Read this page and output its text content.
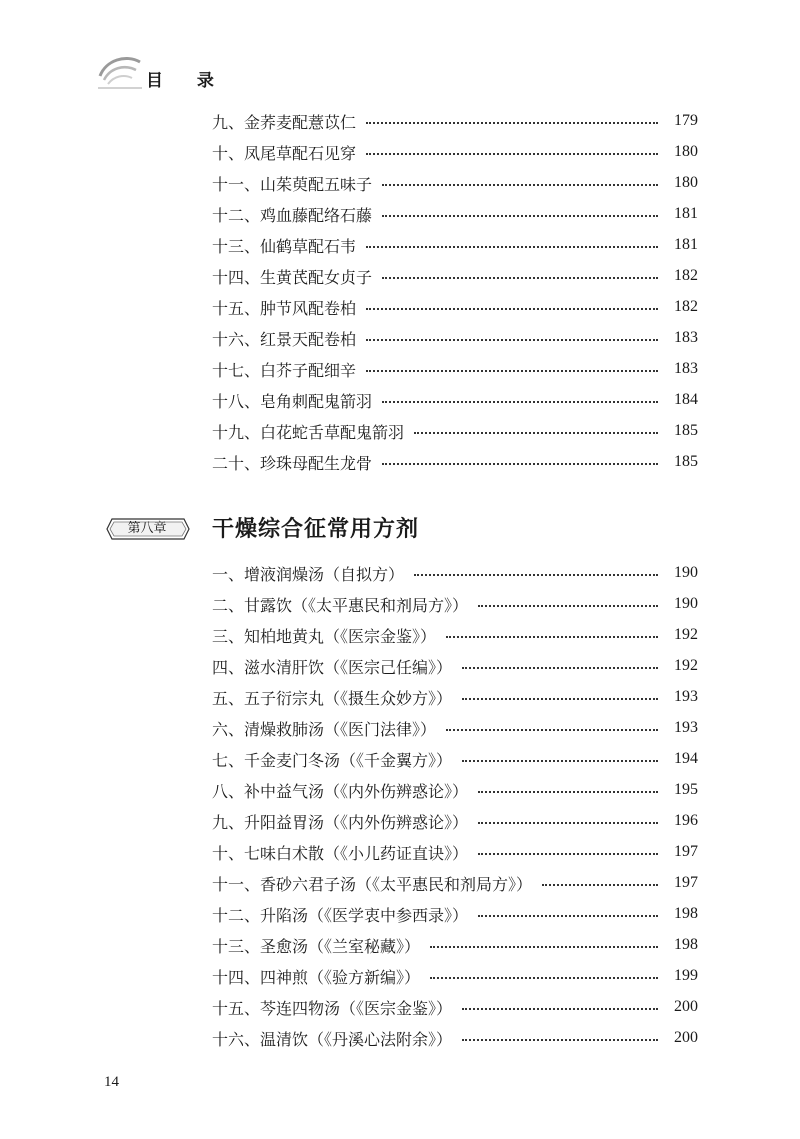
目 录
九、金荞麦配薏苡仁	179
十、凤尾草配石见穿	180
十一、山茱萸配五味子	180
十二、鸡血藤配络石藤	181
十三、仙鹤草配石韦	181
十四、生黄芪配女贞子	182
十五、肿节风配卷柏	182
十六、红景天配卷柏	183
十七、白芥子配细辛	183
十八、皂角刺配鬼箭羽	184
十九、白花蛇舌草配鬼箭羽	185
二十、珍珠母配生龙骨	185
第八章	干燥综合征常用方剂
一、增液润燥汤（自拟方）	190
二、甘露饮（《太平惠民和剂局方》）	190
三、知柏地黄丸（《医宗金鉴》）	192
四、滋水清肝饮（《医宗己任编》）	192
五、五子衍宗丸（《摄生众妙方》）	193
六、清燥救肺汤（《医门法律》）	193
七、千金麦门冬汤（《千金翼方》）	194
八、补中益气汤（《内外伤辨惑论》）	195
九、升阳益胃汤（《内外伤辨惑论》）	196
十、七味白术散（《小儿药证直诀》）	197
十一、香砂六君子汤（《太平惠民和剂局方》）	197
十二、升陷汤（《医学衷中参西录》）	198
十三、圣愈汤（《兰室秘藏》）	198
十四、四神煎（《验方新编》）	199
十五、芩连四物汤（《医宗金鉴》）	200
十六、温清饮（《丹溪心法附余》）	200
14
